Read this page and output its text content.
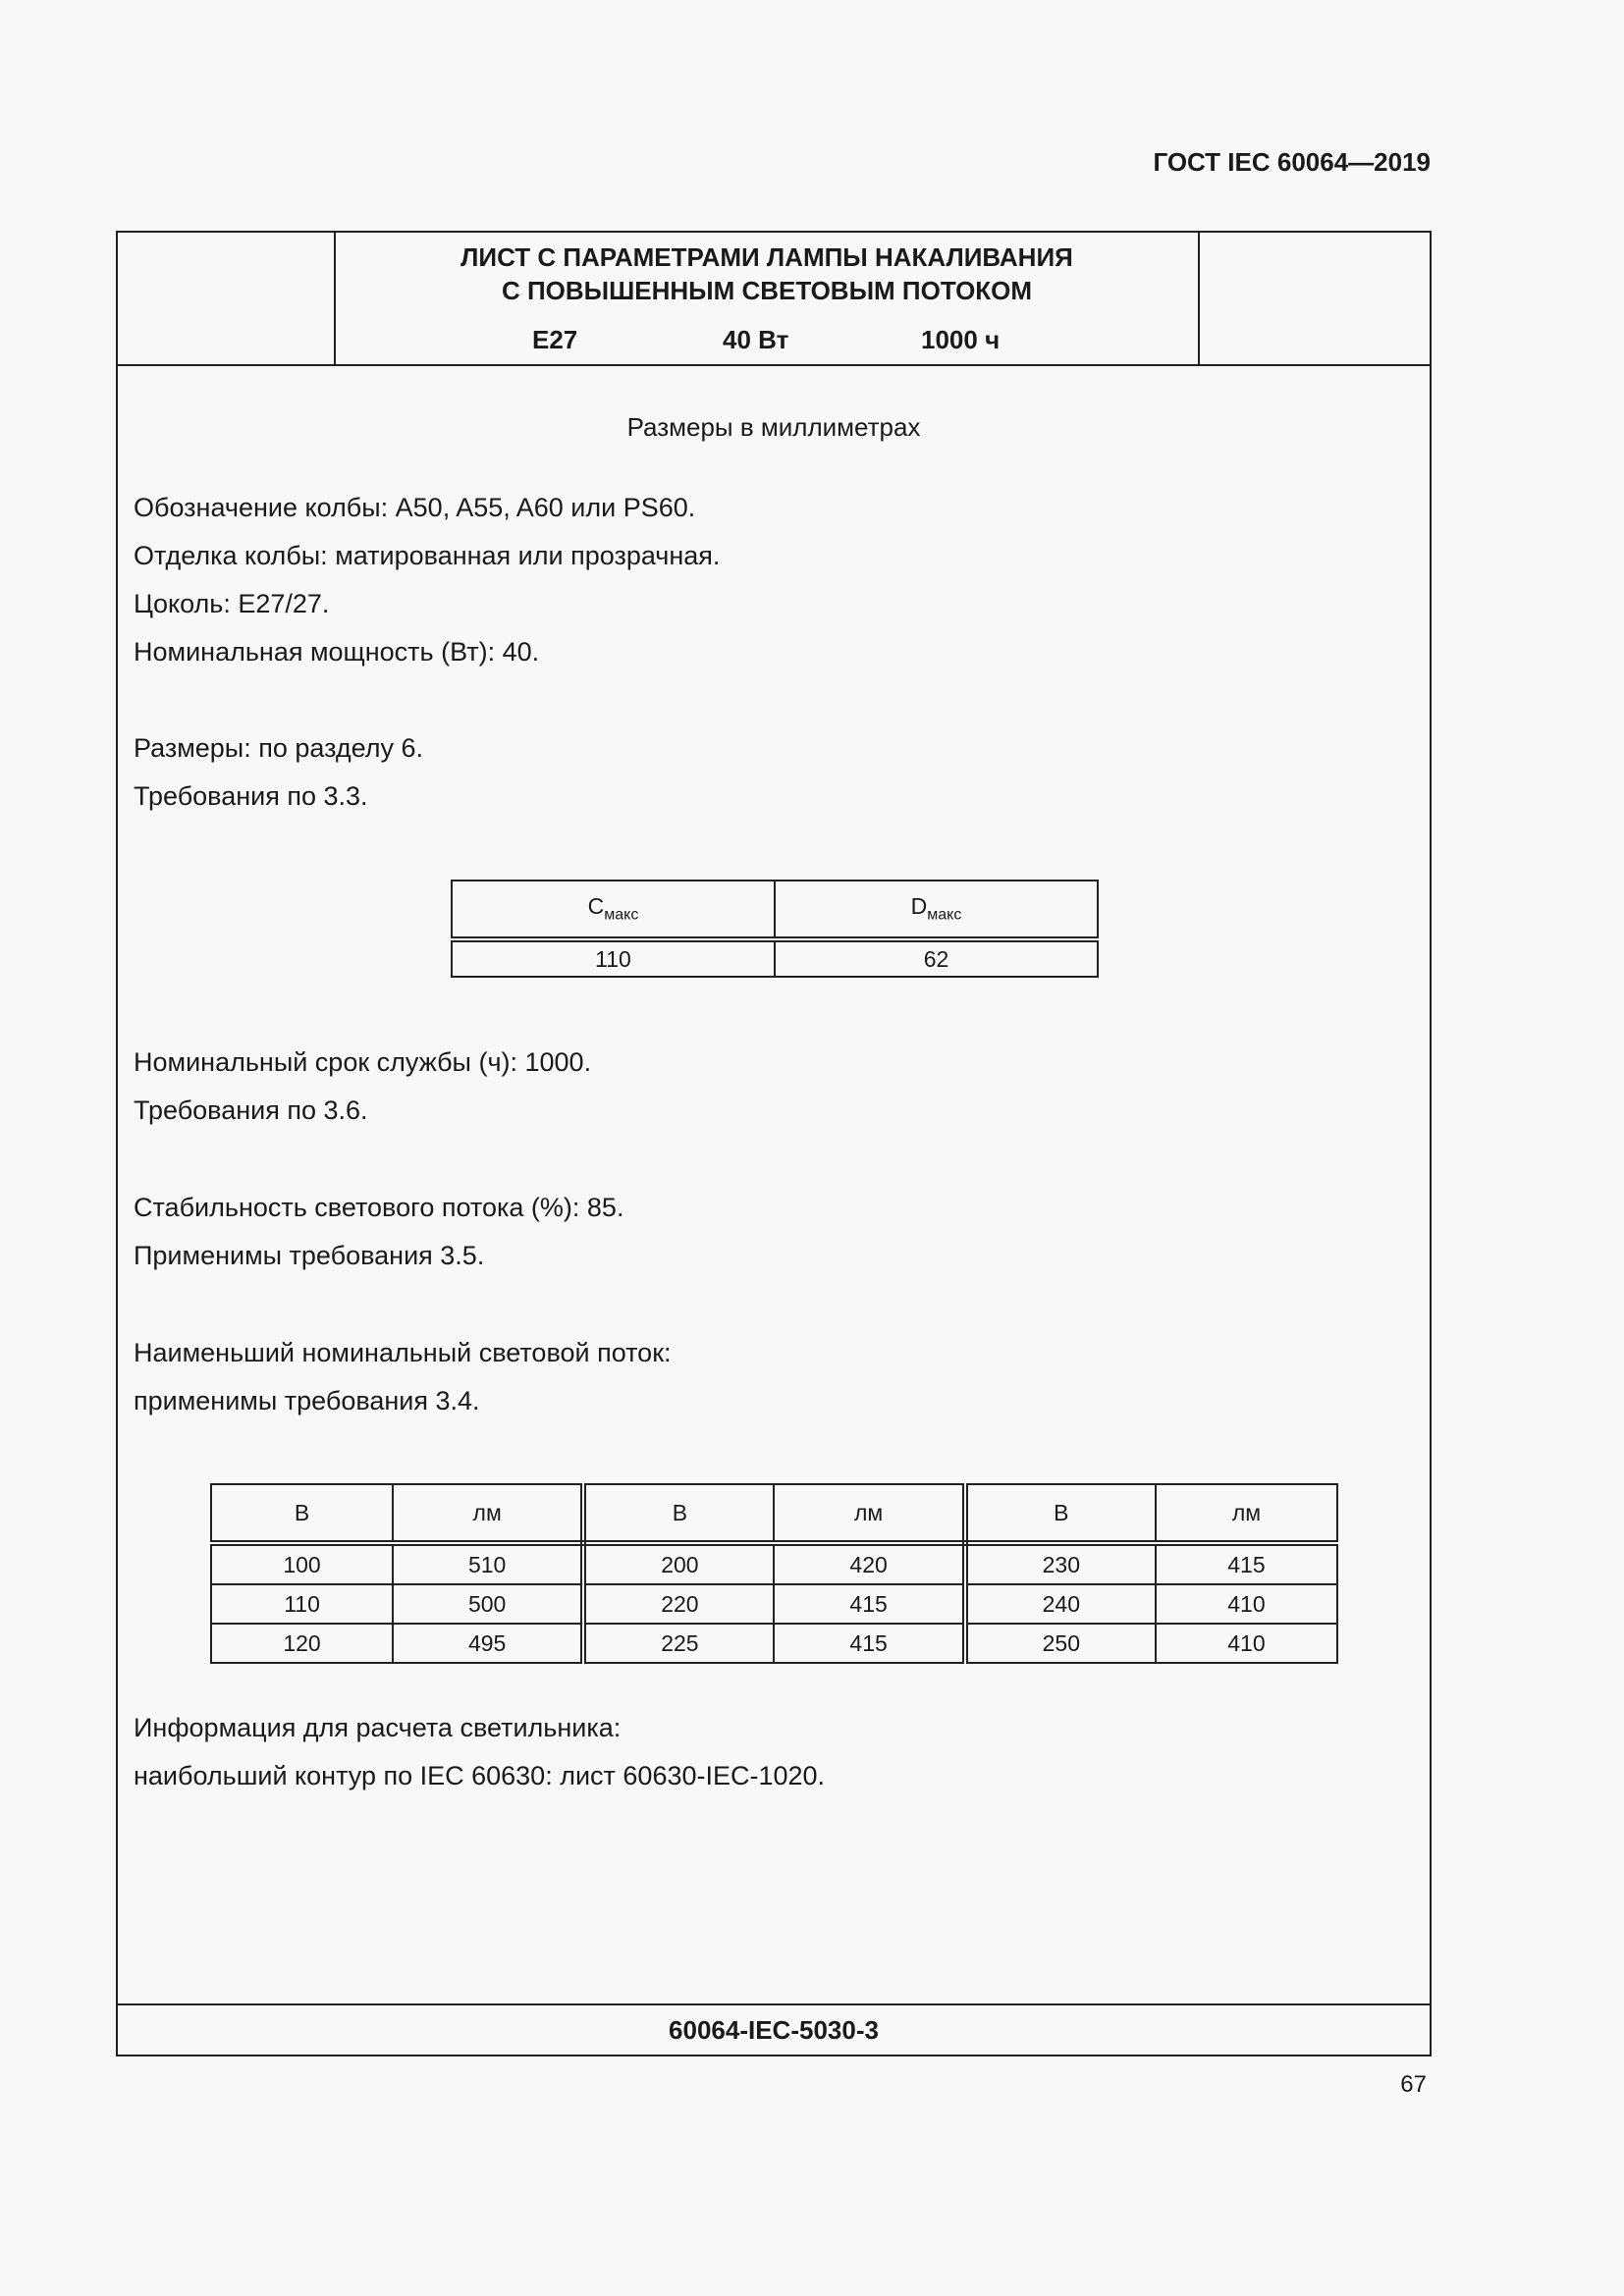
ГОСТ IEC 60064—2019
ЛИСТ С ПАРАМЕТРАМИ ЛАМПЫ НАКАЛИВАНИЯ
С ПОВЫШЕННЫМ СВЕТОВЫМ ПОТОКОМ
E27	40 Вт	1000 ч
Размеры в миллиметрах
Обозначение колбы: A50, A55, A60 или PS60.
Отделка колбы: матированная или прозрачная.
Цоколь: E27/27.
Номинальная мощность (Вт): 40.
Размеры: по разделу 6.
Требования по 3.3.
$C_{макс}$	$D_{макс}$
110	62
Номинальный срок службы (ч): 1000.
Требования по 3.6.
Стабильность светового потока (%): 85.
Применимы требования 3.5.
Наименьший номинальный световой поток:
применимы требования 3.4.
В	лм	В	лм	В	лм
100	510	200	420	230	415
110	500	220	415	240	410
120	495	225	415	250	410
Информация для расчета светильника:
наибольший контур по IEC 60630: лист 60630-IEC-1020.
60064-IEC-5030-3
67
